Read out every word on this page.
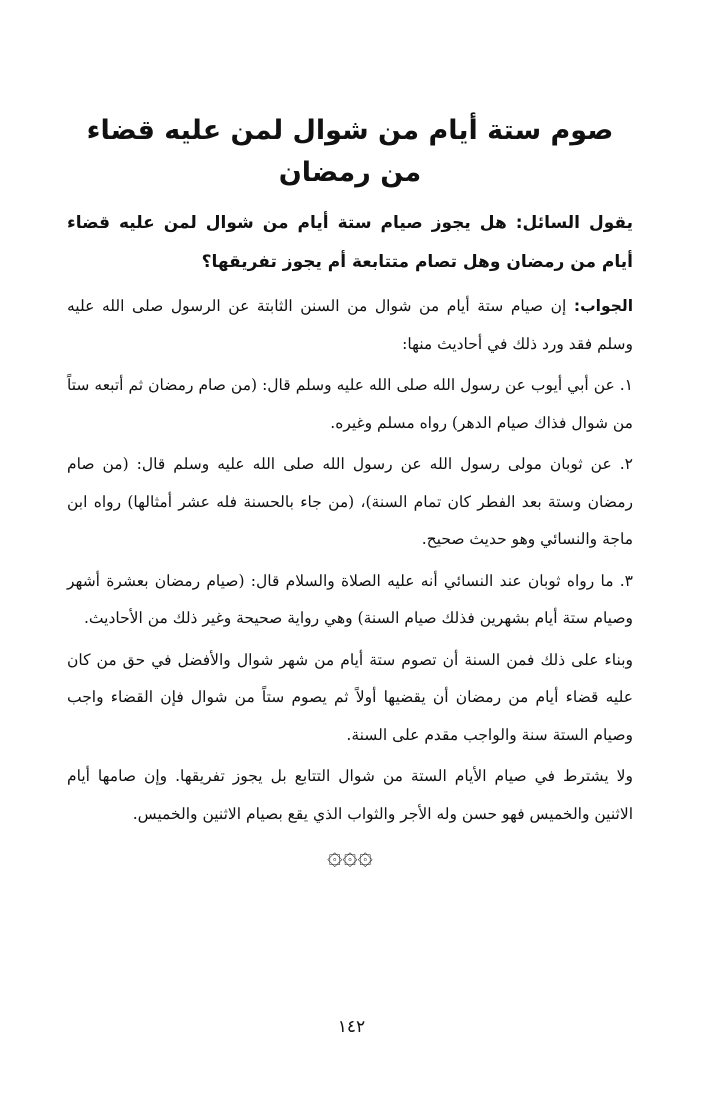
صوم ستة أيام من شوال لمن عليه قضاء من رمضان

يقول السائل: هل يجوز صيام ستة أيام من شوال لمن عليه قضاء أيام من رمضان وهل تصام متتابعة أم يجوز تفريقها؟

الجواب: إن صيام ستة أيام من شوال من السنن الثابتة عن الرسول صلى الله عليه وسلم فقد ورد ذلك في أحاديث منها:

١. عن أبي أيوب عن رسول الله صلى الله عليه وسلم قال: (من صام رمضان ثم أتبعه ستاً من شوال فذاك صيام الدهر) رواه مسلم وغيره.

٢. عن ثوبان مولى رسول الله عن رسول الله صلى الله عليه وسلم قال: (من صام رمضان وستة بعد الفطر كان تمام السنة)، (من جاء بالحسنة فله عشر أمثالها) رواه ابن ماجة والنسائي وهو حديث صحيح.

٣. ما رواه ثوبان عند النسائي أنه عليه الصلاة والسلام قال: (صيام رمضان بعشرة أشهر وصيام ستة أيام بشهرين فذلك صيام السنة) وهي رواية صحيحة وغير ذلك من الأحاديث.

وبناء على ذلك فمن السنة أن تصوم ستة أيام من شهر شوال والأفضل في حق من كان عليه قضاء أيام من رمضان أن يقضيها أولاً ثم يصوم ستاً من شوال فإن القضاء واجب وصيام الستة سنة والواجب مقدم على السنة.

ولا يشترط في صيام الأيام الستة من شوال التتابع بل يجوز تفريقها. وإن صامها أيام الاثنين والخميس فهو حسن وله الأجر والثواب الذي يقع بصيام الاثنين والخميس.

۞۞۞
١٤٢
